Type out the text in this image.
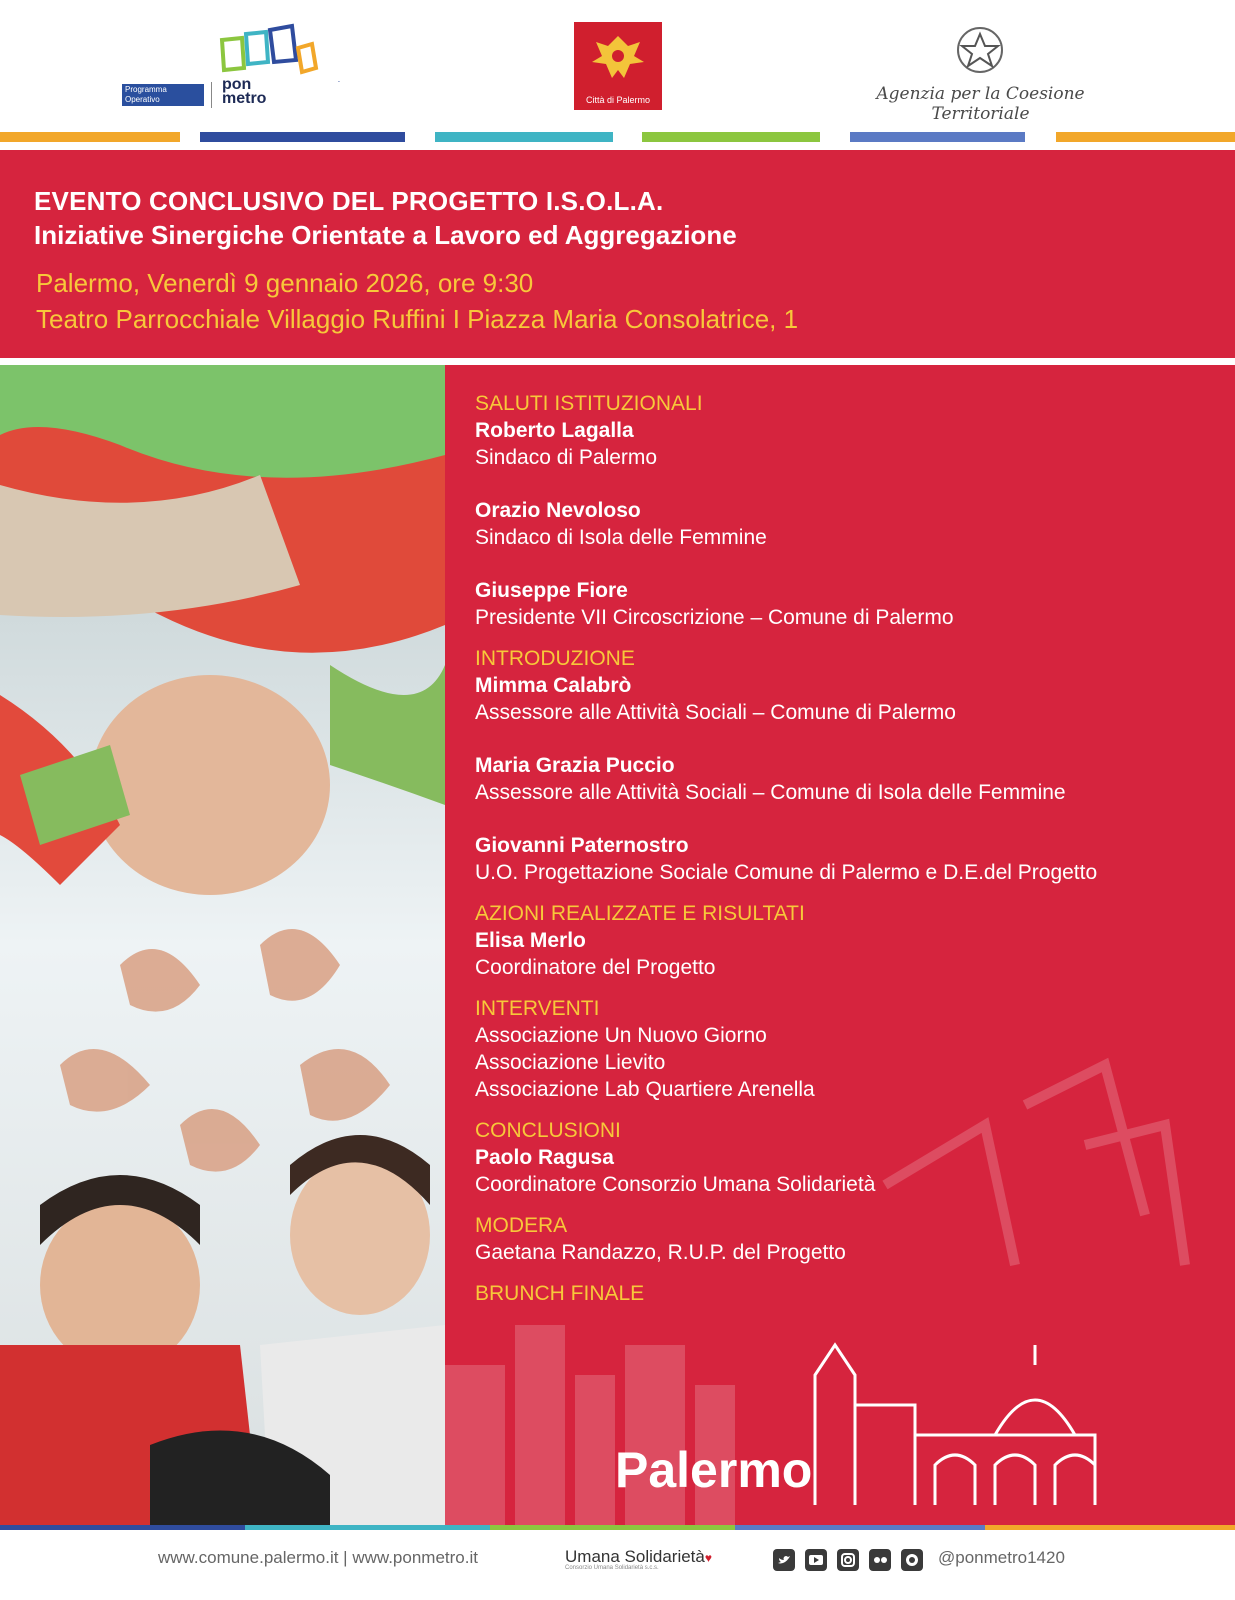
Programma Operativo Complementare
pon
metro	Città di Palermo	Agenzia per la Coesione Territoriale
EVENTO CONCLUSIVO DEL PROGETTO I.S.O.L.A.
Iniziative Sinergiche Orientate a Lavoro ed Aggregazione
Palermo, Venerdì 9 gennaio 2026, ore 9:30
Teatro Parrocchiale Villaggio Ruffini I Piazza Maria Consolatrice, 1
SALUTI ISTITUZIONALI
Roberto Lagalla
Sindaco di Palermo
Orazio Nevoloso
Sindaco di Isola delle Femmine
Giuseppe Fiore
Presidente VII Circoscrizione – Comune di Palermo
INTRODUZIONE
Mimma Calabrò
Assessore alle Attività Sociali – Comune di Palermo
Maria Grazia Puccio
Assessore alle Attività Sociali – Comune di Isola delle Femmine
Giovanni Paternostro
U.O. Progettazione Sociale Comune di Palermo e D.E.del Progetto
AZIONI REALIZZATE E RISULTATI
Elisa Merlo
Coordinatore del Progetto
INTERVENTI
Associazione Un Nuovo Giorno
Associazione Lievito
Associazione Lab Quartiere Arenella
CONCLUSIONI
Paolo Ragusa
Coordinatore Consorzio Umana Solidarietà
MODERA
Gaetana Randazzo, R.U.P. del Progetto
BRUNCH FINALE
Palermo
www.comune.palermo.it | www.ponmetro.it	Umana Solidarietà♥
Consorzio Umana Solidarietà s.c.s.
@ponmetro1420
